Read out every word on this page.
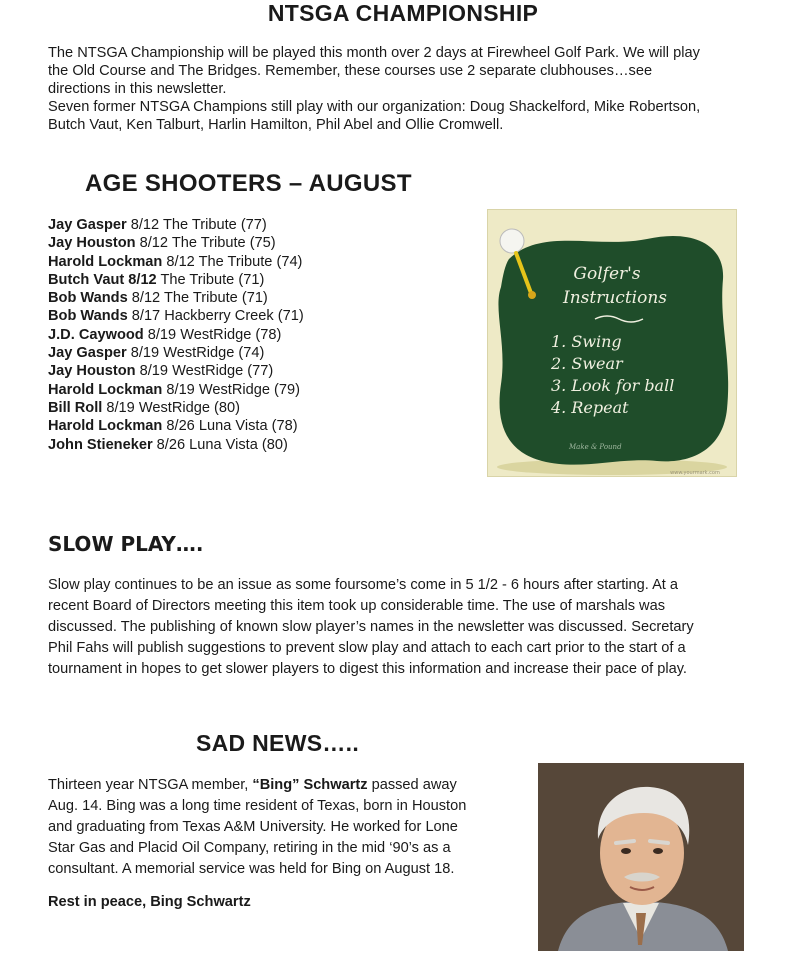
NTSGA CHAMPIONSHIP
The NTSGA Championship will be played this month over 2 days at Firewheel Golf Park. We will play
the Old Course and The Bridges. Remember, these courses use 2 separate clubhouses…see
directions in this newsletter.
Seven former NTSGA Champions still play with our organization: Doug Shackelford, Mike Robertson,
Butch Vaut, Ken Talburt, Harlin Hamilton, Phil Abel and Ollie Cromwell.
AGE SHOOTERS – AUGUST
Jay Gasper 8/12 The Tribute (77)
Jay Houston 8/12 The Tribute (75)
Harold Lockman 8/12 The Tribute (74)
Butch Vaut 8/12 The Tribute (71)
Bob Wands 8/12 The Tribute (71)
Bob Wands 8/17 Hackberry Creek (71)
J.D. Caywood 8/19 WestRidge (78)
Jay Gasper 8/19 WestRidge (74)
Jay Houston 8/19 WestRidge (77)
Harold Lockman 8/19 WestRidge (79)
Bill Roll 8/19 WestRidge (80)
Harold Lockman 8/26 Luna Vista (78)
John Stieneker 8/26 Luna Vista (80)
Golfer's
Instructions
1. Swing
2. Swear
3. Look for ball
4. Repeat
Make & Pound
www.yourmark.com
SLOW PLAY….
Slow play continues to be an issue as some foursome’s come in 5 1/2 - 6 hours after starting. At a
recent Board of Directors meeting this item took up considerable time. The use of marshals was
discussed. The publishing of known slow player’s names in the newsletter was discussed. Secretary
Phil Fahs will publish suggestions to prevent slow play and attach to each cart prior to the start of a
tournament in hopes to get slower players to digest this information and increase their pace of play.
SAD NEWS…..
Thirteen year NTSGA member, “Bing” Schwartz passed away
Aug. 14. Bing was a long time resident of Texas, born in Houston
and graduating from Texas A&M University. He worked for Lone
Star Gas and Placid Oil Company, retiring in the mid ‘90’s as a
consultant. A memorial service was held for Bing on August 18.
Rest in peace, Bing Schwartz
